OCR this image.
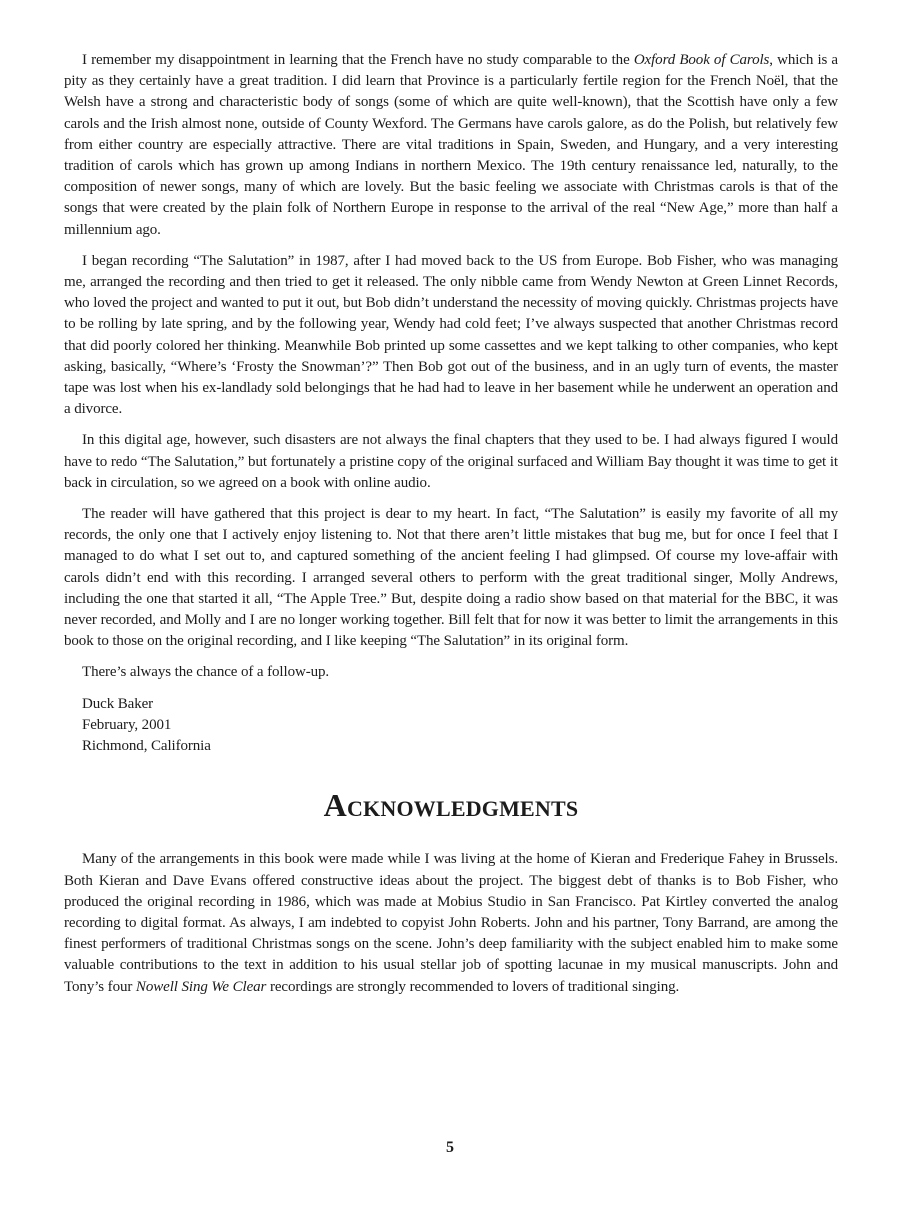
I remember my disappointment in learning that the French have no study comparable to the Oxford Book of Carols, which is a pity as they certainly have a great tradition. I did learn that Province is a particularly fertile region for the French Noël, that the Welsh have a strong and characteristic body of songs (some of which are quite well-known), that the Scottish have only a few carols and the Irish almost none, outside of County Wexford. The Germans have carols galore, as do the Polish, but relatively few from either country are especially attractive. There are vital traditions in Spain, Sweden, and Hungary, and a very interesting tradition of carols which has grown up among Indians in northern Mexico. The 19th century renaissance led, naturally, to the composition of newer songs, many of which are lovely. But the basic feeling we associate with Christmas carols is that of the songs that were created by the plain folk of Northern Europe in response to the arrival of the real “New Age,” more than half a millennium ago.

I began recording “The Salutation” in 1987, after I had moved back to the US from Europe. Bob Fisher, who was managing me, arranged the recording and then tried to get it released. The only nibble came from Wendy Newton at Green Linnet Records, who loved the project and wanted to put it out, but Bob didn’t understand the necessity of moving quickly. Christmas projects have to be rolling by late spring, and by the following year, Wendy had cold feet; I’ve always suspected that another Christmas record that did poorly colored her thinking. Meanwhile Bob printed up some cassettes and we kept talking to other companies, who kept asking, basically, “Where’s ‘Frosty the Snowman’?” Then Bob got out of the business, and in an ugly turn of events, the master tape was lost when his ex-landlady sold belongings that he had had to leave in her basement while he underwent an operation and a divorce.

In this digital age, however, such disasters are not always the final chapters that they used to be. I had always figured I would have to redo “The Salutation,” but fortunately a pristine copy of the original surfaced and William Bay thought it was time to get it back in circulation, so we agreed on a book with online audio.

The reader will have gathered that this project is dear to my heart. In fact, “The Salutation” is easily my favorite of all my records, the only one that I actively enjoy listening to. Not that there aren’t little mistakes that bug me, but for once I feel that I managed to do what I set out to, and captured something of the ancient feeling I had glimpsed. Of course my love-affair with carols didn’t end with this recording. I arranged several others to perform with the great traditional singer, Molly Andrews, including the one that started it all, “The Apple Tree.” But, despite doing a radio show based on that material for the BBC, it was never recorded, and Molly and I are no longer working together. Bill felt that for now it was better to limit the arrangements in this book to those on the original recording, and I like keeping “The Salutation” in its original form.

There’s always the chance of a follow-up.

Duck Baker
February, 2001
Richmond, California
Acknowledgments

Many of the arrangements in this book were made while I was living at the home of Kieran and Frederique Fahey in Brussels. Both Kieran and Dave Evans offered constructive ideas about the project. The biggest debt of thanks is to Bob Fisher, who produced the original recording in 1986, which was made at Mobius Studio in San Francisco. Pat Kirtley converted the analog recording to digital format. As always, I am indebted to copyist John Roberts. John and his partner, Tony Barrand, are among the finest performers of traditional Christmas songs on the scene. John’s deep familiarity with the subject enabled him to make some valuable contributions to the text in addition to his usual stellar job of spotting lacunae in my musical manuscripts. John and Tony’s four Nowell Sing We Clear recordings are strongly recommended to lovers of traditional singing.

5
